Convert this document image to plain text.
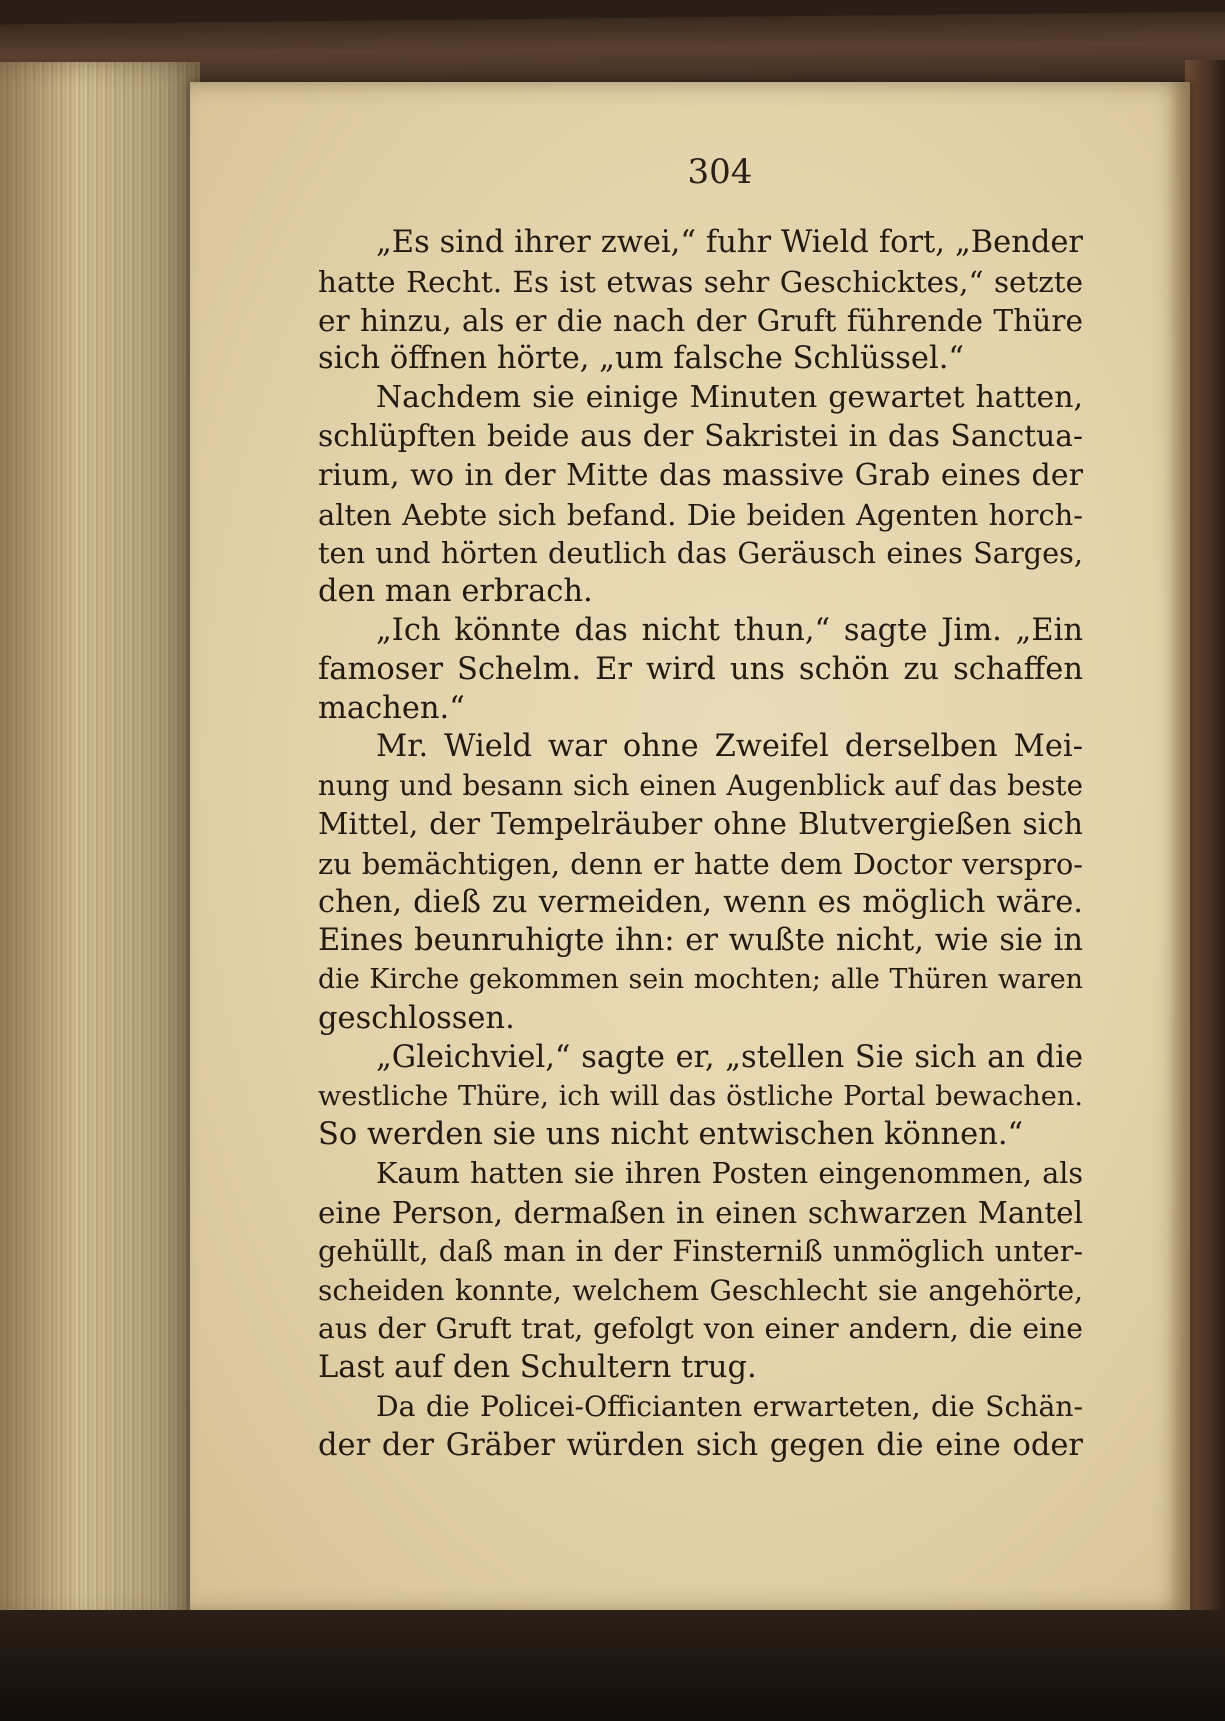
304
„Es sind ihrer zwei,“ fuhr Wield fort, „Bender
hatte Recht. Es ist etwas sehr Geschicktes,“ setzte
er hinzu, als er die nach der Gruft führende Thüre
sich öffnen hörte, „um falsche Schlüssel.“
Nachdem sie einige Minuten gewartet hatten,
schlüpften beide aus der Sakristei in das Sanctua-
rium, wo in der Mitte das massive Grab eines der
alten Aebte sich befand. Die beiden Agenten horch-
ten und hörten deutlich das Geräusch eines Sarges,
den man erbrach.
„Ich könnte das nicht thun,“ sagte Jim. „Ein
famoser Schelm. Er wird uns schön zu schaffen
machen.“
Mr. Wield war ohne Zweifel derselben Mei-
nung und besann sich einen Augenblick auf das beste
Mittel, der Tempelräuber ohne Blutvergießen sich
zu bemächtigen, denn er hatte dem Doctor verspro-
chen, dieß zu vermeiden, wenn es möglich wäre.
Eines beunruhigte ihn: er wußte nicht, wie sie in
die Kirche gekommen sein mochten; alle Thüren waren
geschlossen.
„Gleichviel,“ sagte er, „stellen Sie sich an die
westliche Thüre, ich will das östliche Portal bewachen.
So werden sie uns nicht entwischen können.“
Kaum hatten sie ihren Posten eingenommen, als
eine Person, dermaßen in einen schwarzen Mantel
gehüllt, daß man in der Finsterniß unmöglich unter-
scheiden konnte, welchem Geschlecht sie angehörte,
aus der Gruft trat, gefolgt von einer andern, die eine
Last auf den Schultern trug.
Da die Policei-Officianten erwarteten, die Schän-
der der Gräber würden sich gegen die eine oder
